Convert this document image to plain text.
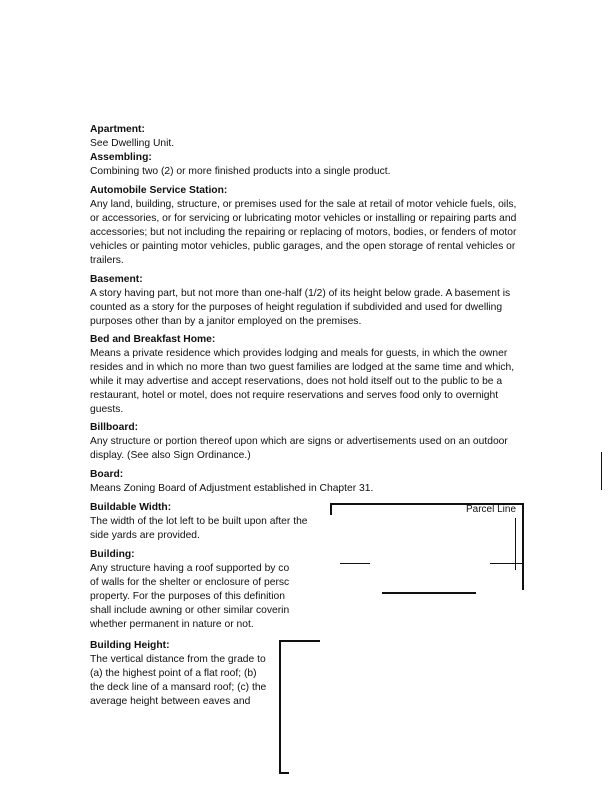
Apartment:
See Dwelling Unit.
Assembling:
Combining two (2) or more finished products into a single product.
Automobile Service Station:
Any land, building, structure, or premises used for the sale at retail of motor vehicle fuels, oils,
or accessories, or for servicing or lubricating motor vehicles or installing or repairing parts and
accessories; but not including the repairing or replacing of motors, bodies, or fenders of motor
vehicles or painting motor vehicles, public garages, and the open storage of rental vehicles or
trailers.
Basement:
A story having part, but not more than one-half (1/2) of its height below grade. A basement is
counted as a story for the purposes of height regulation if subdivided and used for dwelling
purposes other than by a janitor employed on the premises.
Bed and Breakfast Home:
Means a private residence which provides lodging and meals for guests, in which the owner
resides and in which no more than two guest families are lodged at the same time and which,
while it may advertise and accept reservations, does not hold itself out to the public to be a
restaurant, hotel or motel, does not require reservations and serves food only to overnight
guests.
Billboard:
Any structure or portion thereof upon which are signs or advertisements used on an outdoor
display. (See also Sign Ordinance.)
Board:
Means Zoning Board of Adjustment established in Chapter 31.
Buildable Width:
The width of the lot left to be built upon after the
side yards are provided.
Building:
Any structure having a roof supported by co
of walls for the shelter or enclosure of persc
property. For the purposes of this definition
shall include awning or other similar coverin
whether permanent in nature or not.
Building Height:
The vertical distance from the grade to
(a) the highest point of a flat roof; (b)
the deck line of a mansard roof; (c) the
average height between eaves and
Parcel Line
